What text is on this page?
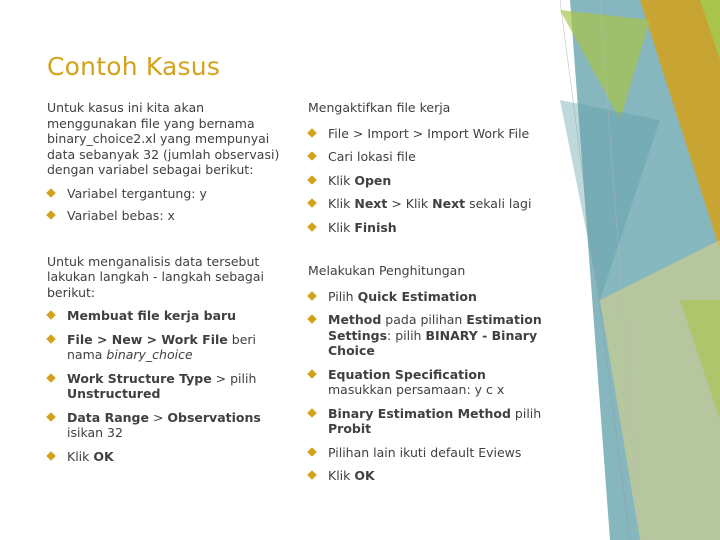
Contoh Kasus

Untuk kasus ini kita akan menggunakan file yang bernama binary_choice2.xl yang mempunyai data sebanyak 32 (jumlah observasi) dengan variabel sebagai berikut:

Variabel tergantung: y
Variabel bebas: x

Untuk menganalisis data tersebut lakukan langkah - langkah sebagai berikut:

Membuat file kerja baru
File > New > Work File beri nama binary_choice
Work Structure Type > pilih Unstructured
Data Range > Observations isikan 32
Klik OK

Mengaktifkan file kerja

File > Import > Import Work File
Cari lokasi file
Klik Open
Klik Next > Klik Next sekali lagi
Klik Finish

Melakukan Penghitungan

Pilih Quick Estimation
Method pada pilihan Estimation Settings: pilih BINARY - Binary Choice
Equation Specification masukkan persamaan: y c x
Binary Estimation Method pilih Probit
Pilihan lain ikuti default Eviews
Klik OK
